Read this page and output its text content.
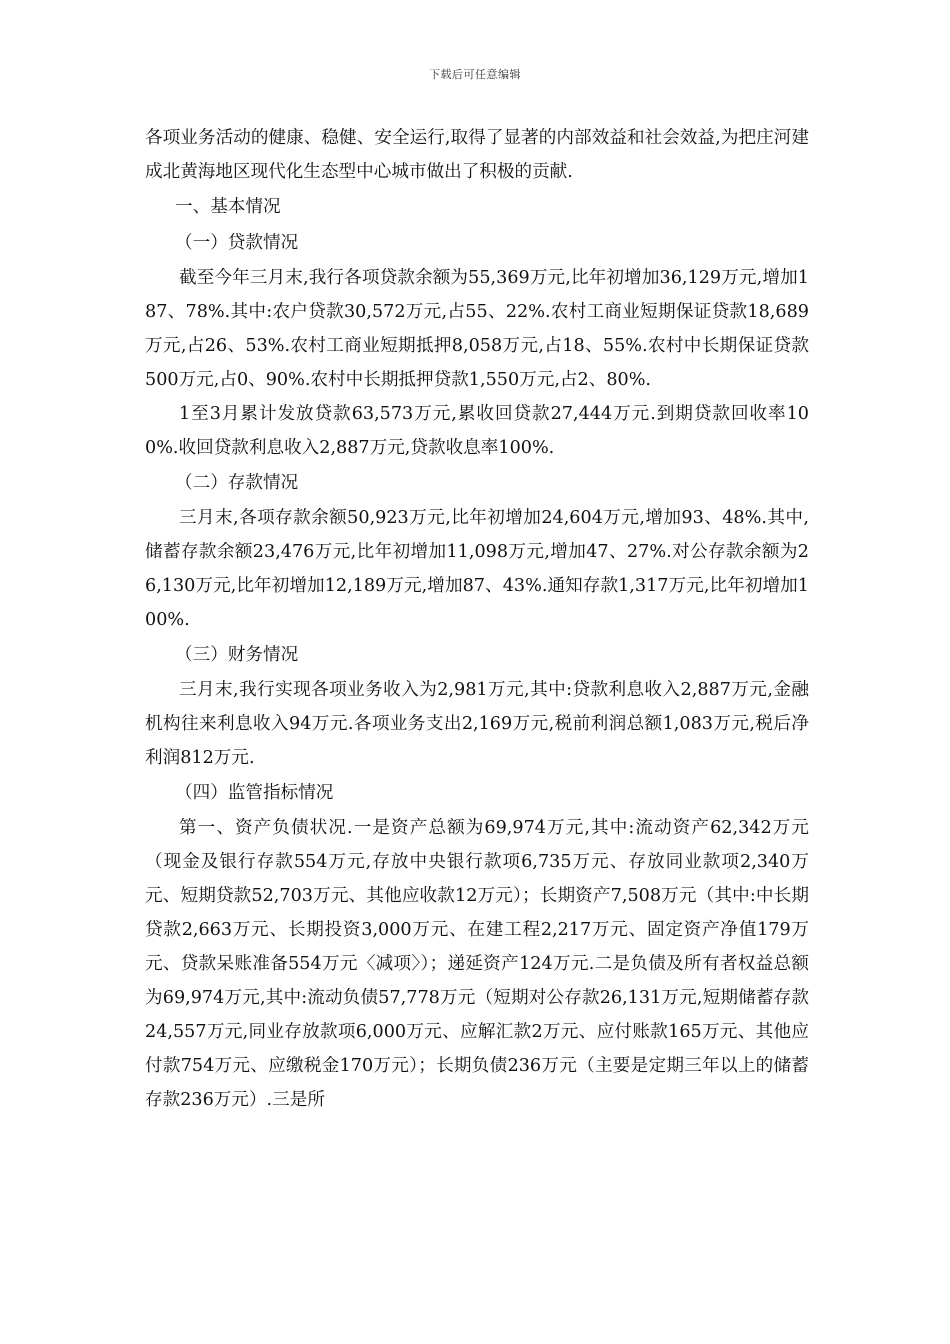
下载后可任意编辑

各项业务活动的健康、稳健、安全运行,取得了显著的内部效益和社会效益,为把庄河建成北黄海地区现代化生态型中心城市做出了积极的贡献.

一、基本情况

（一）贷款情况

截至今年三月末,我行各项贷款余额为55,369万元,比年初增加36,129万元,增加187、78%.其中:农户贷款30,572万元,占55、22%.农村工商业短期保证贷款18,689万元,占26、53%.农村工商业短期抵押8,058万元,占18、55%.农村中长期保证贷款500万元,占0、90%.农村中长期抵押贷款1,550万元,占2、80%.

1至3月累计发放贷款63,573万元,累收回贷款27,444万元.到期贷款回收率100%.收回贷款利息收入2,887万元,贷款收息率100%.

（二）存款情况

三月末,各项存款余额50,923万元,比年初增加24,604万元,增加93、48%.其中,储蓄存款余额23,476万元,比年初增加11,098万元,增加47、27%.对公存款余额为26,130万元,比年初增加12,189万元,增加87、43%.通知存款1,317万元,比年初增加100%.

（三）财务情况

三月末,我行实现各项业务收入为2,981万元,其中:贷款利息收入2,887万元,金融机构往来利息收入94万元.各项业务支出2,169万元,税前利润总额1,083万元,税后净利润812万元.

（四）监管指标情况

第一、资产负债状况.一是资产总额为69,974万元,其中:流动资产62,342万元（现金及银行存款554万元,存放中央银行款项6,735万元、存放同业款项2,340万元、短期贷款52,703万元、其他应收款12万元）；长期资产7,508万元（其中:中长期贷款2,663万元、长期投资3,000万元、在建工程2,217万元、固定资产净值179万元、贷款呆账准备554万元〈减项〉）；递延资产124万元.二是负债及所有者权益总额为69,974万元,其中:流动负债57,778万元（短期对公存款26,131万元,短期储蓄存款24,557万元,同业存放款项6,000万元、应解汇款2万元、应付账款165万元、其他应付款754万元、应缴税金170万元）；长期负债236万元（主要是定期三年以上的储蓄存款236万元）.三是所
